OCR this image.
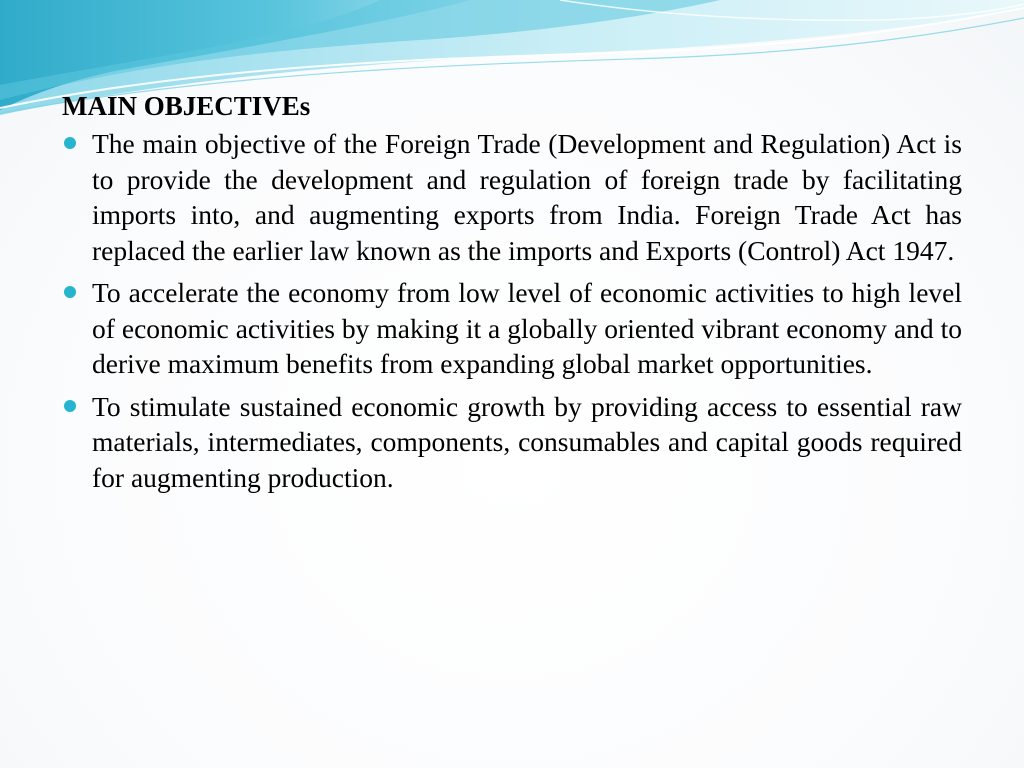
MAIN OBJECTIVEs
The main objective of the Foreign Trade (Development and Regulation) Act is to provide the development and regulation of foreign trade by facilitating imports into, and augmenting exports from India. Foreign Trade Act has replaced the earlier law known as the imports and Exports (Control) Act 1947.
To accelerate the economy from low level of economic activities to high level of economic activities by making it a globally oriented vibrant economy and to derive maximum benefits from expanding global market opportunities.
To stimulate sustained economic growth by providing access to essential raw materials, intermediates, components, consumables and capital goods required for augmenting production.
